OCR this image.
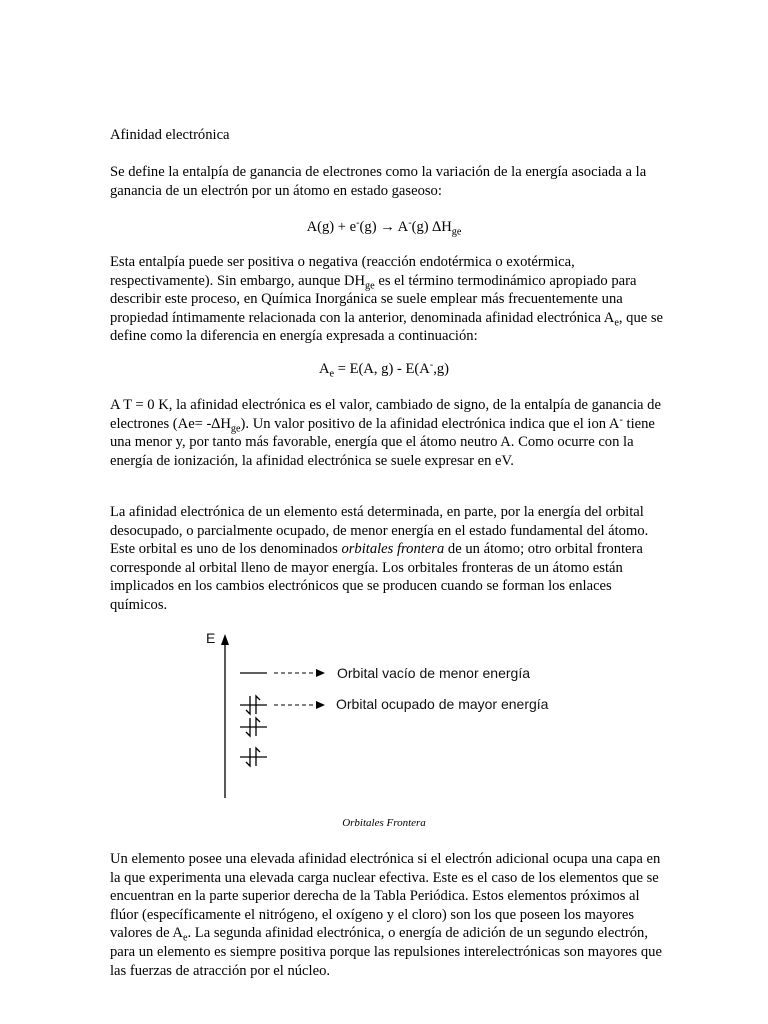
Afinidad electrónica
Se define la entalpía de ganancia de electrones como la variación de la energía asociada a la ganancia de un electrón por un átomo en estado gaseoso:
A(g) + e-(g) → A-(g) $\Delta H_{ge}$
Esta entalpía puede ser positiva o negativa (reacción endotérmica o exotérmica, respectivamente). Sin embargo, aunque $DH_{ge}$ es el término termodinámico apropiado para describir este proceso, en Química Inorgánica se suele emplear más frecuentemente una propiedad íntimamente relacionada con la anterior, denominada afinidad electrónica $A_e$, que se define como la diferencia en energía expresada a continuación:
$A_e = E(A$, g) - E(A-,g)
A T = 0 K, la afinidad electrónica es el valor, cambiado de signo, de la entalpía de ganancia de electrones $(Ae= -\Delta H_{ge})$. Un valor positivo de la afinidad electrónica indica que el ion A- tiene una menor y, por tanto más favorable, energía que el átomo neutro A. Como ocurre con la energía de ionización, la afinidad electrónica se suele expresar en eV.
La afinidad electrónica de un elemento está determinada, en parte, por la energía del orbital desocupado, o parcialmente ocupado, de menor energía en el estado fundamental del átomo. Este orbital es uno de los denominados orbitales frontera de un átomo; otro orbital frontera corresponde al orbital lleno de mayor energía. Los orbitales fronteras de un átomo están implicados en los cambios electrónicos que se producen cuando se forman los enlaces químicos.
E
Orbital vacío de menor energía
Orbital ocupado de mayor energía
Orbitales Frontera
Un elemento posee una elevada afinidad electrónica si el electrón adicional ocupa una capa en la que experimenta una elevada carga nuclear efectiva. Este es el caso de los elementos que se encuentran en la parte superior derecha de la Tabla Periódica. Estos elementos próximos al flúor (específicamente el nitrógeno, el oxígeno y el cloro) son los que poseen los mayores valores de $A_e$. La segunda afinidad electrónica, o energía de adición de un segundo electrón, para un elemento es siempre positiva porque las repulsiones interelectrónicas son mayores que las fuerzas de atracción por el núcleo.
